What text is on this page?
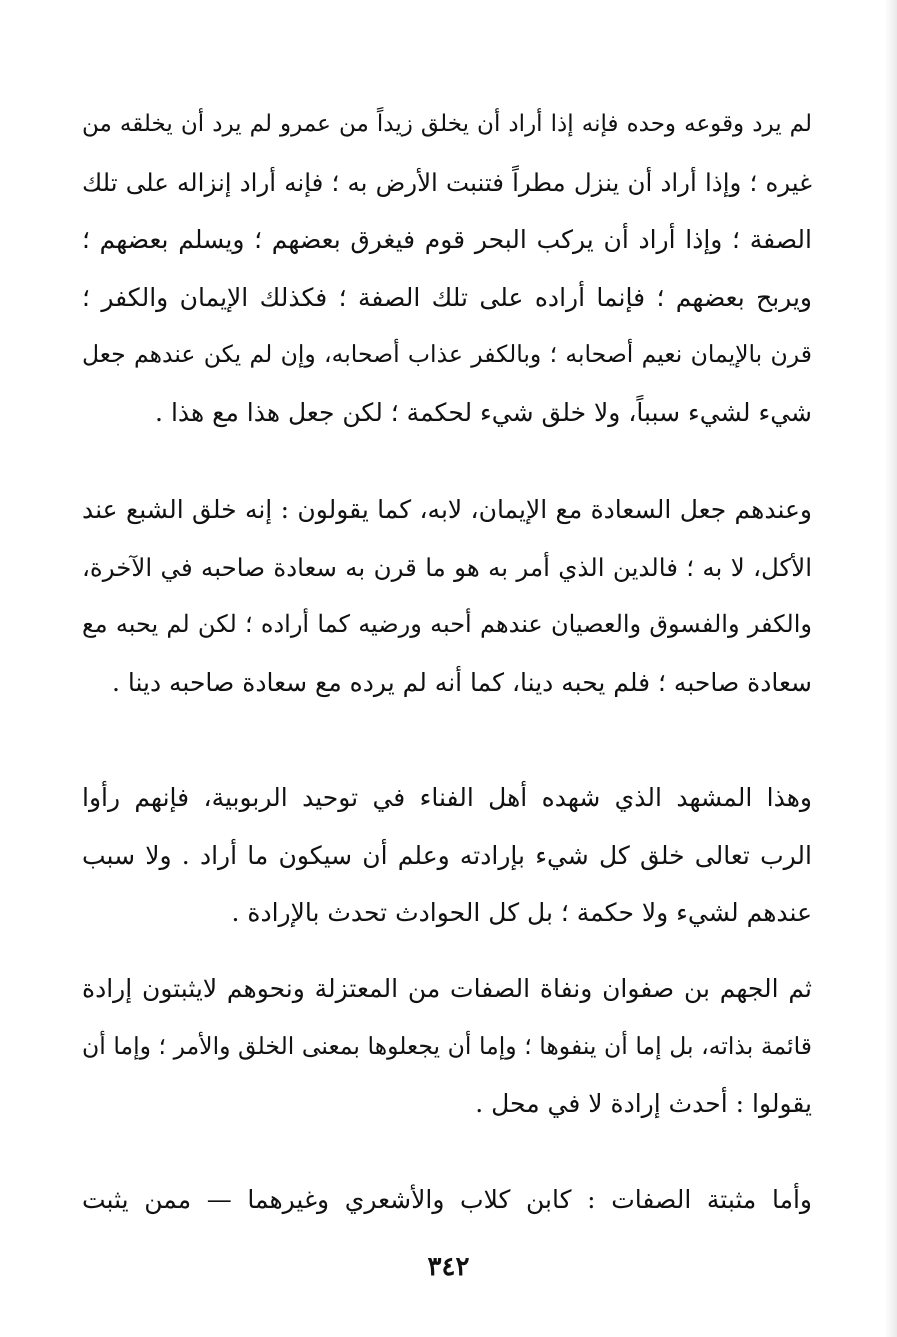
لم يرد وقوعه وحده فإنه إذا أراد أن يخلق زيداً من عمرو لم يرد أن يخلقه من
غيره ؛ وإذا أراد أن ينزل مطراً فتنبت الأرض به ؛ فإنه أراد إنزاله على تلك
الصفة ؛ وإذا أراد أن يركب البحر قوم فيغرق بعضهم ؛ ويسلم بعضهم ؛
ويربح بعضهم ؛ فإنما أراده على تلك الصفة ؛ فكذلك الإيمان والكفر ؛
قرن بالإيمان نعيم أصحابه ؛ وبالكفر عذاب أصحابه، وإن لم يكن عندهم جعل
شيء لشيء سبباً، ولا خلق شيء لحكمة ؛ لكن جعل هذا مع هذا .
وعندهم جعل السعادة مع الإيمان، لابه، كما يقولون : إنه خلق الشبع عند
الأكل، لا به ؛ فالدين الذي أمر به هو ما قرن به سعادة صاحبه في الآخرة،
والكفر والفسوق والعصيان عندهم أحبه ورضيه كما أراده ؛ لكن لم يحبه مع
سعادة صاحبه ؛ فلم يحبه دينا، كما أنه لم يرده مع سعادة صاحبه دينا .
وهذا المشهد الذي شهده أهل الفناء في توحيد الربوبية، فإنهم رأوا
الرب تعالى خلق كل شيء بإرادته وعلم أن سيكون ما أراد . ولا سبب
عندهم لشيء ولا حكمة ؛ بل كل الحوادث تحدث بالإرادة .
ثم الجهم بن صفوان ونفاة الصفات من المعتزلة ونحوهم لايثبتون إرادة
قائمة بذاته، بل إما أن ينفوها ؛ وإما أن يجعلوها بمعنى الخلق والأمر ؛ وإما أن
يقولوا : أحدث إرادة لا في محل .
وأما مثبتة الصفات : كابن كلاب والأشعري وغيرهما — ممن يثبت
٣٤٢
